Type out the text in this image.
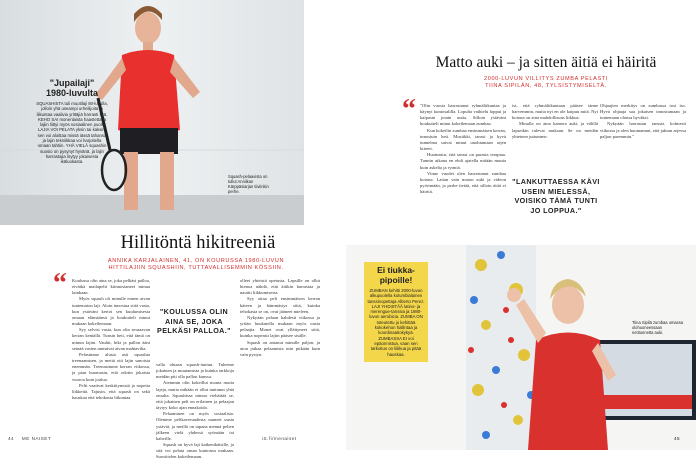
"Jupailaji"
1980-luvulta
SQUASHISTA tuli muotilaji 80-luvulla, jolloin yhä useampi urheilijoita ja liikuntaa vaalivia yrittäjiä harrasti sitä. KEHO SAI monenlaista haastetta ja lajiin liittyi myös sosiaalinen puoli. LAJIA VOI PELATA yksin tai kaksin, sen voi aloittaa missä iässä tahansa ja lajin tekniikkaa voi harjoitella omaan tahtiin. YHÄ VIELÄ squashin suosio on pysynyt hyvänä, ja lajin harrastajia löytyy jokaisesta ikäluokasta.
Squash-pelaavista on tullut Anniikan Kärppäsiarjan tiiviinkin perhe.
Hillitöntä hikitreeniä
ANNIKA KARJALAINEN, 41, ON KOURUSSA 1980-LUVUN
HITTILAJIIN SQUASHIIN, TUTTAVALLISEMMIN KÖSSIIN.
“ Koulussa olin aina se, joka pelkäsi palloa, eivätkä mailapelit kiinnostaneet minua lainkaan.

Myös squash oli minulle ennen aivan tuntematon laji. Aloin innostua siitä vasta, kun ystäväni kertoi sen kuulumisesta omaan elämäänsä ja houkutteli minut mukaan kokeilemaan.

Syy selvisi vasta, kun olin seuraavan kerran kentällä. Tunsin heti, että tämä on minun lajini. Vauhti, hiki ja pallon ääni seinää vasten tuntuivat aivan mahtavilta.

Pelasimme alusta asti squashia treenaamisen, ja meitä otti lajin sanoista enemmän. Treenasimme kerran viikossa, ja pian huomasin, että odotin jokaista vuoroa kuin joulua.

Pelit vaativat keskittymistä ja nopeita liikkeitä. Tajusin, että squash on sekä hauskaa että tehokasta liikuntaa.

"KOULUSSA OLIN AINA SE, JOKA PELKÄSI PALLOA."

valla ohtaan squash-tuntuu. Tuleeme jokainen ja muutamista ja kuinka tarkkoja meidän piti olla pallon kanssa.

Aiemmin olin kokeillut monia muita lajeja, mutta mikään ei ollut tuntunut yhtä omalta. Squashissa minua viehättää se, että jokainen peli on erilainen ja pelaajan täytyy koko ajan ennakoida.

Pelaaminen on myös sosiaalista. Olemme pelikaveruudesta saaneet uusia ystäviä, ja meillä on tapana mennä pelien jälkeen vielä yhdessä syömään tai kahville.

Squash on hyvä laji kaikenikäisille, ja sitä voi pelata oman kuntonsa mukaan. Suosittelen kokeilemaan.

olleet yhteistä opetusta. Lapsille on ollut hienoa nähdä, että äitikin harrastaa ja nauttii liikkumisesta.

Syy ottaa peli ensimmäisen kerran käteen ja hämmästys siitä, kuinka tehokasta se on, ovat jääneet mieleen.

Nykyään pelaan kahdesti viikossa ja yritän houkutella mukaan myös uusia pelaajia. Monet ovat yllättyneet siitä, kuinka nopeasti lajiin pääsee sisälle.

Squash on antanut minulle paljon, ja aion jatkaa pelaamista niin pitkään kuin vain pystyn.

44 ME NAISET	iS.fi/menaiset
Matto auki – ja sitten äitiä ei häiritä
2000-LUVUN VILLITYS ZUMBA PELASTI
TIINA SIPILÄN, 48, TYLSISTYMISELTÄ.
“ "Olin vuosia harrastanut ryhmäliikuntaa ja käynyt kuntosalilla. Lopulta vaihtelu loppui ja kaipasin jotain uutta. Silloin ystäväni houkutteli minut kokeilemaan zumbaa.

Kun kokeilin zumbaa ensimmäisen kerran, innostuin heti. Musiikki, tanssi ja hyvä tunnelma saivat minut unohtamaan arjen kiireet.

Huomasin, että tanssi on parasta terapiaa. Tunnin aikana en ehdi ajatella mitään muuta kuin askelia ja rytmiä.

Viime vuodet olen harrastanut zumbaa kotona. Laitan vain maton auki ja videon pyörimään, ja perhe tietää, että silloin äitiä ei häiritä.

ist, että ryhmäliikuntaan pääsee tänne harvemmin, mutta nyt en ole kaipuu mitä. Nyt kotona on aina mahdollisuus liikkua.

Minulla on aina kamera auki, ja välillä lapsetkin tulevat mukaan. Se on meidän yhteinen juttumme.

"LANKUTTAESSA KÄVI USEIN MIELESSÄ, VOISIKO TÄMÄ TUNTI JO LOPPUA."

Ohjaajien merkitys on zumbassa tosi iso. Hyvä ohjaaja saa jokaisen innostumaan ja tuntemaan olonsa hyväksi.

Nykyään harrastan tanssia kolmesti viikossa ja olen huomannut, että jaksan arjessa paljon paremmin."

Ei tiukka-
pipoille!
ZUMBAN kehitti 2000-luvun alkupuolella kolumbialainen tanssinopettaja Alberto Perez. LAJI YHDISTÄÄ latino- ja merengue-tanssia ja 1980-luvun aerobicia. ZUMBA ON toteutettu jo kehittää kokokehon hallintaa ja koordinaatiokykyä. ZUMBASSA EI voi epäonnistua, vaan sen tarkoitus on liikkua ja pitää hauskaa.
Tiina Sipilä zumbaa omassa olohuoneessaan netitunnetta auki.
45
